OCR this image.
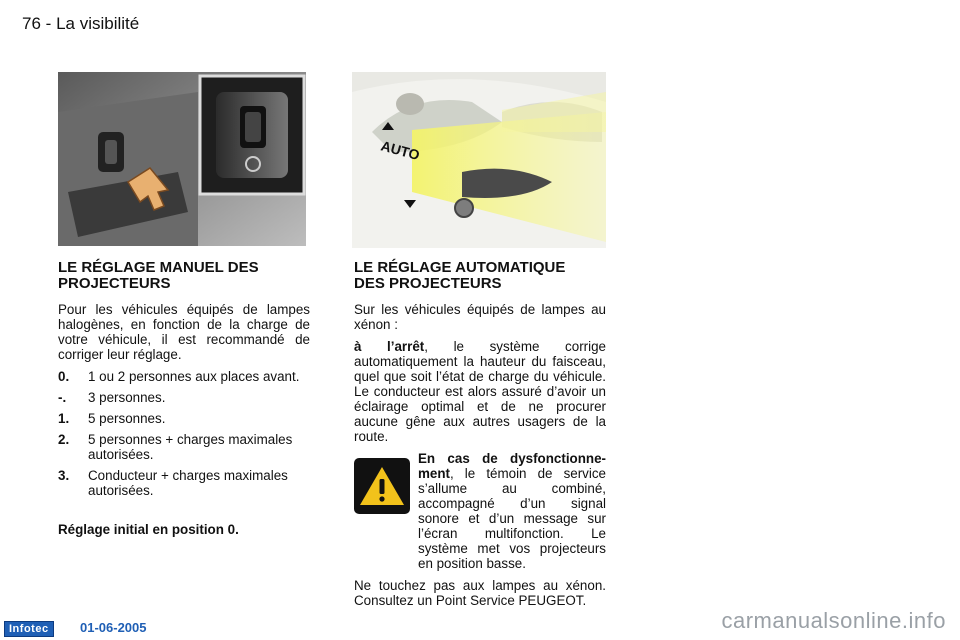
76 - La visibilité
AUTO
LE RÉGLAGE MANUEL DES
PROJECTEURS

Pour les véhicules équipés de lampes halogènes, en fonction de la charge de votre véhicule, il est recommandé de corriger leur réglage.

0.	1 ou 2 personnes aux places avant.
-.	3 personnes.
1.	5 personnes.
2.	5 personnes + charges maximales autorisées.
3.	Conducteur + charges maximales autorisées.

Réglage initial en position 0.

LE RÉGLAGE AUTOMATIQUE
DES PROJECTEURS

Sur les véhicules équipés de lampes au xénon :

à l’arrêt, le système corrige automatiquement la hauteur du faisceau, quel que soit l’état de charge du véhicule. Le conducteur est alors assuré d’avoir un éclairage optimal et de ne procurer aucune gêne aux autres usagers de la route.

En cas de dysfonctionne-ment, le témoin de service s’allume au combiné, accompagné d’un signal sonore et d’un message sur l’écran multifonction. Le système met vos projecteurs en position basse.

Ne touchez pas aux lampes au xénon. Consultez un Point Service PEUGEOT.

Infotec	01-06-2005	carmanualsonline.info
